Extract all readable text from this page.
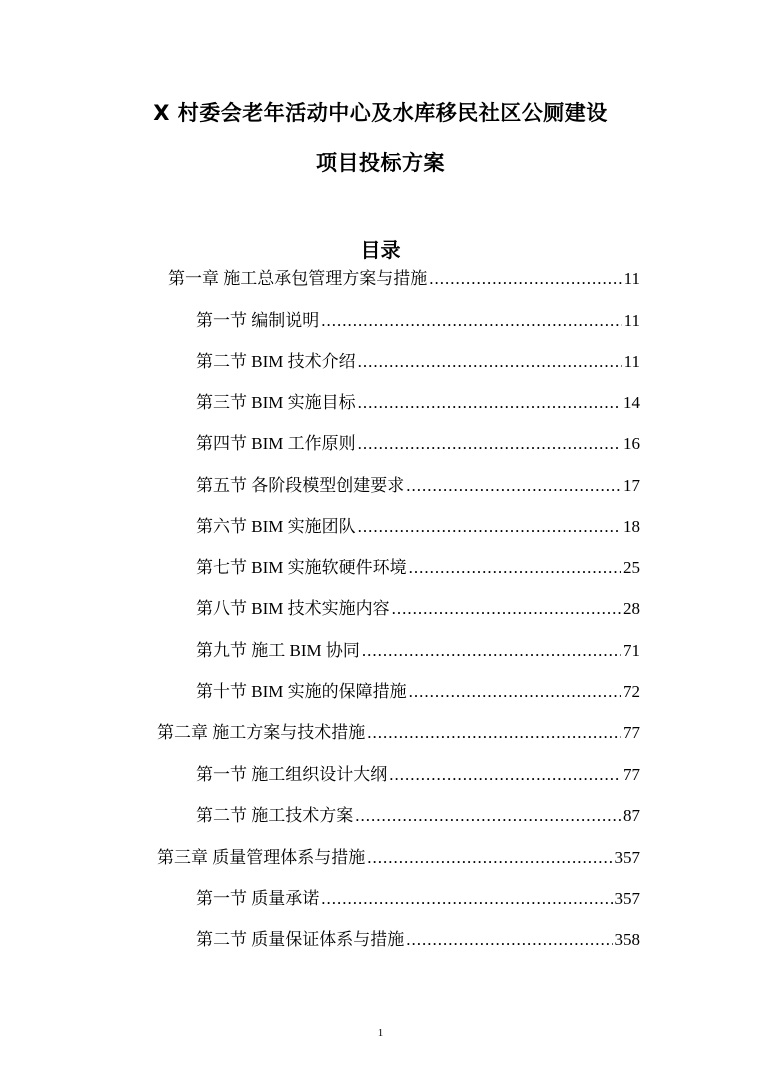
X 村委会老年活动中心及水库移民社区公厕建设
项目投标方案
目录
第一章 施工总承包管理方案与措施 .....	11
第一节 编制说明 .....	11
第二节 BIM 技术介绍 .....	11
第三节 BIM 实施目标 .....	14
第四节 BIM 工作原则 .....	16
第五节 各阶段模型创建要求 .....	17
第六节 BIM 实施团队 .....	18
第七节 BIM 实施软硬件环境 .....	25
第八节 BIM 技术实施内容 .....	28
第九节 施工 BIM 协同 .....	71
第十节 BIM 实施的保障措施 .....	72
第二章 施工方案与技术措施 .....	77
第一节 施工组织设计大纲 .....	77
第二节 施工技术方案 .....	87
第三章 质量管理体系与措施 .....	357
第一节 质量承诺 .....	357
第二节 质量保证体系与措施 .....	358
1
